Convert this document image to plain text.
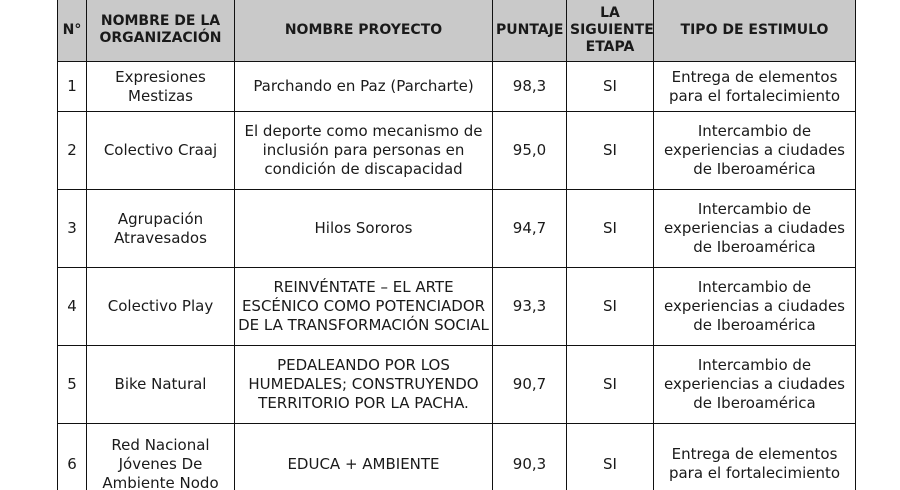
N°	NOMBRE DE LA ORGANIZACIÓN	NOMBRE PROYECTO	PUNTAJE	LA SIGUIENTE ETAPA	TIPO DE ESTIMULO
1	Expresiones Mestizas	Parchando en Paz (Parcharte)	98,3	SI	Entrega de elementos para el fortalecimiento
2	Colectivo Craaj	El deporte como mecanismo de inclusión para personas en condición de discapacidad	95,0	SI	Intercambio de experiencias a ciudades de Iberoamérica
3	Agrupación Atravesados	Hilos Sororos	94,7	SI	Intercambio de experiencias a ciudades de Iberoamérica
4	Colectivo Play	REINVÉNTATE – EL ARTE ESCÉNICO COMO POTENCIADOR DE LA TRANSFORMACIÓN SOCIAL	93,3	SI	Intercambio de experiencias a ciudades de Iberoamérica
5	Bike Natural	PEDALEANDO POR LOS HUMEDALES; CONSTRUYENDO TERRITORIO POR LA PACHA.	90,7	SI	Intercambio de experiencias a ciudades de Iberoamérica
6	Red Nacional Jóvenes De Ambiente Nodo	EDUCA + AMBIENTE	90,3	SI	Entrega de elementos para el fortalecimiento
